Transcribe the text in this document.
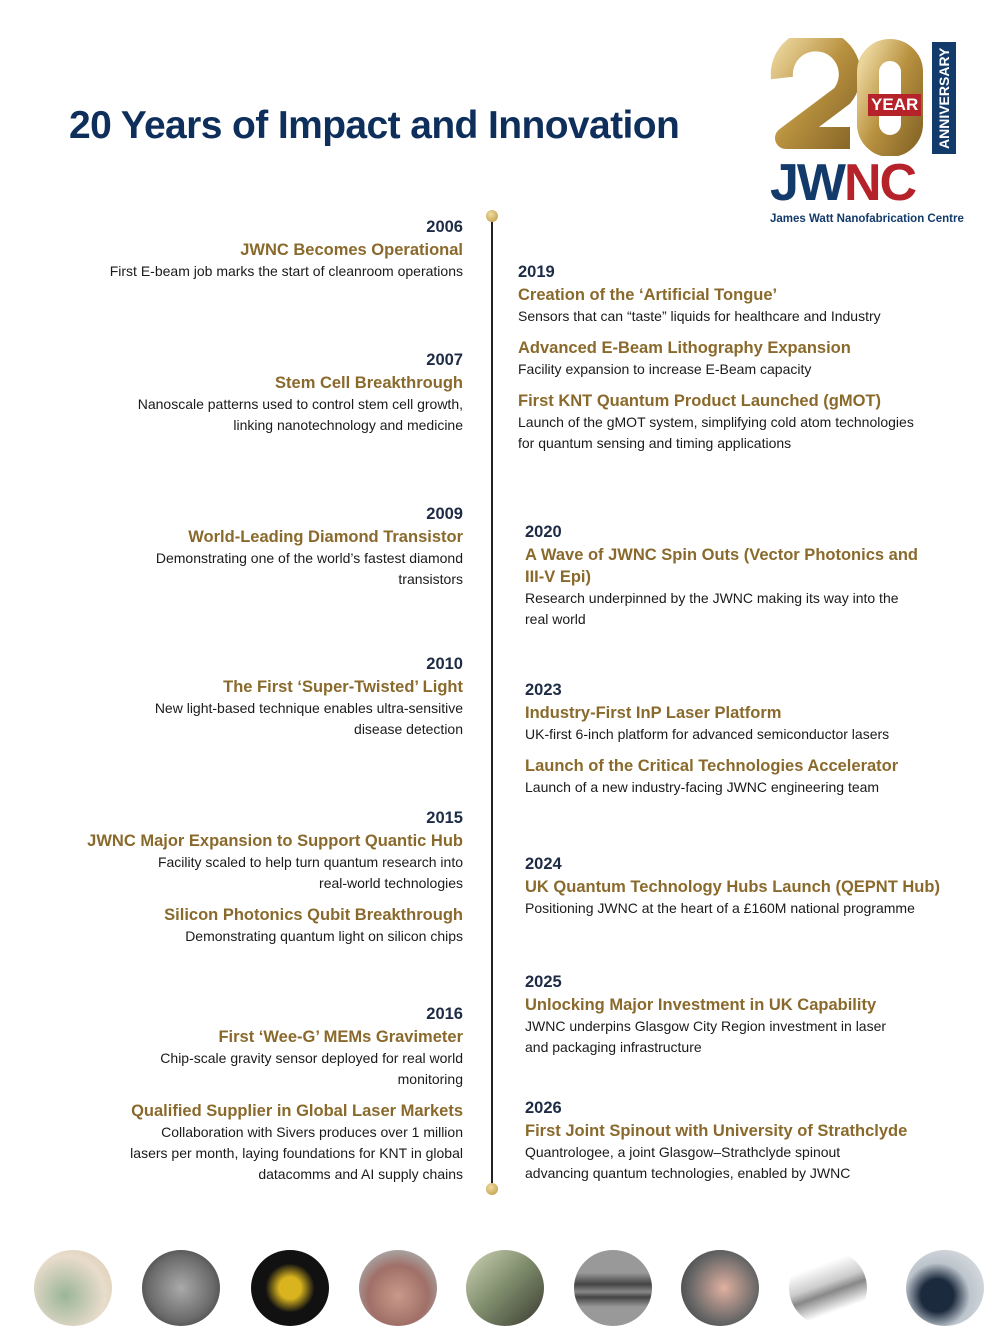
20 Years of Impact and Innovation	YEAR ANNIVERSARY
JWNC
James Watt Nanofabrication Centre
2006
JWNC Becomes Operational
First E-beam job marks the start of cleanroom operations
2007
Stem Cell Breakthrough
Nanoscale patterns used to control stem cell growth,
linking nanotechnology and medicine
2009
World-Leading Diamond Transistor
Demonstrating one of the world’s fastest diamond
transistors
2010
The First ‘Super-Twisted’ Light
New light-based technique enables ultra-sensitive
disease detection
2015
JWNC Major Expansion to Support Quantic Hub
Facility scaled to help turn quantum research into
real-world technologies
Silicon Photonics Qubit Breakthrough
Demonstrating quantum light on silicon chips
2016
First ‘Wee-G’ MEMs Gravimeter
Chip-scale gravity sensor deployed for real world
monitoring
Qualified Supplier in Global Laser Markets
Collaboration with Sivers produces over 1 million
lasers per month, laying foundations for KNT in global
datacomms and AI supply chains
2019
Creation of the ‘Artificial Tongue’
Sensors that can “taste” liquids for healthcare and Industry
Advanced E-Beam Lithography Expansion
Facility expansion to increase E-Beam capacity
First KNT Quantum Product Launched (gMOT)
Launch of the gMOT system, simplifying cold atom technologies
for quantum sensing and timing applications
2020
A Wave of JWNC Spin Outs (Vector Photonics and
III-V Epi)
Research underpinned by the JWNC making its way into the
real world
2023
Industry-First InP Laser Platform
UK-first 6-inch platform for advanced semiconductor lasers
Launch of the Critical Technologies Accelerator
Launch of a new industry-facing JWNC engineering team
2024
UK Quantum Technology Hubs Launch (QEPNT Hub)
Positioning JWNC at the heart of a £160M national programme
2025
Unlocking Major Investment in UK Capability
JWNC underpins Glasgow City Region investment in laser
and packaging infrastructure
2026
First Joint Spinout with University of Strathclyde
Quantrologee, a joint Glasgow–Strathclyde spinout
advancing quantum technologies, enabled by JWNC
